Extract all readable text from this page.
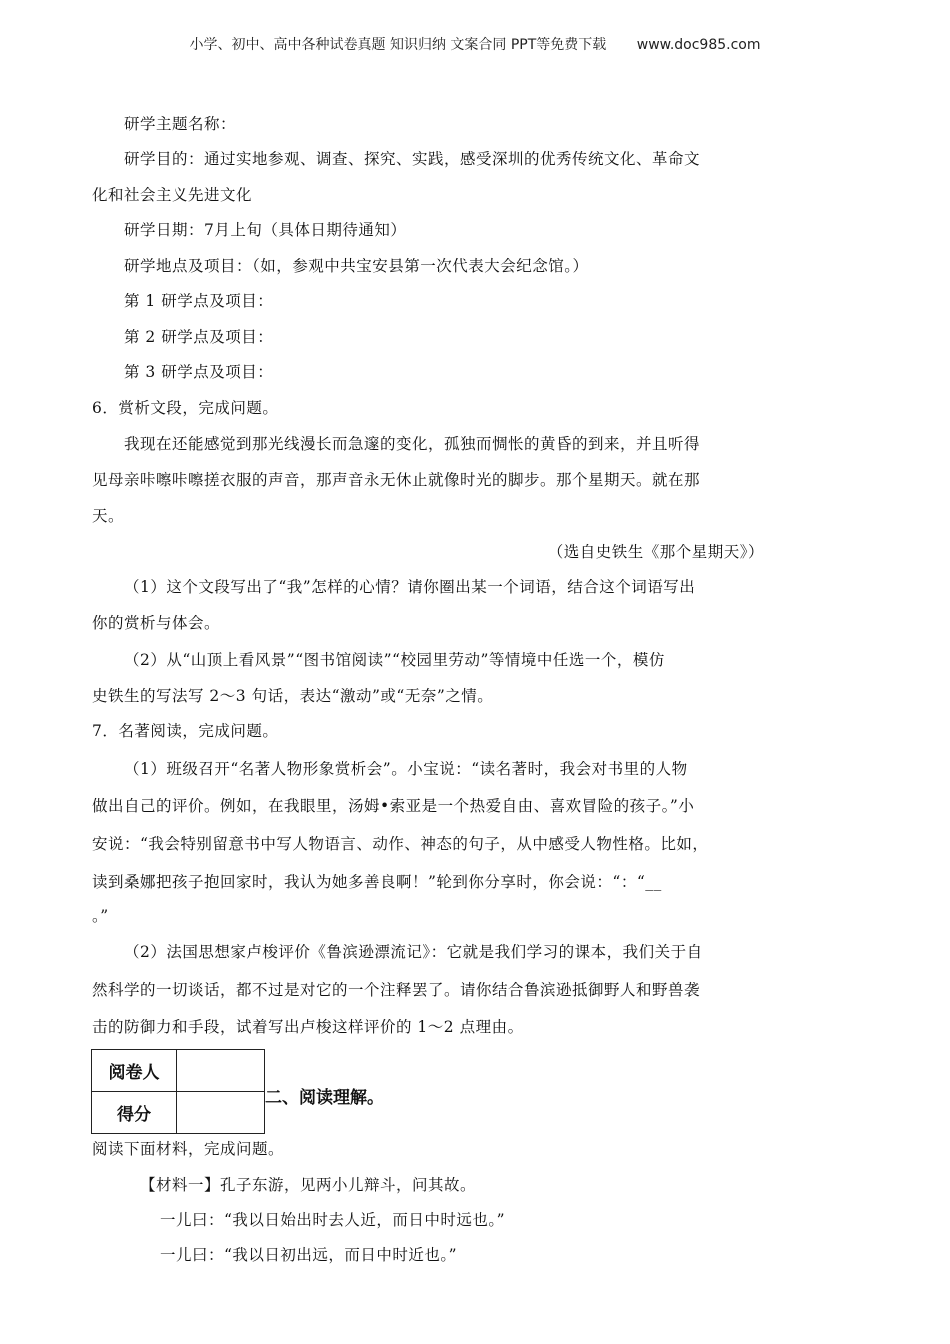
小学、初中、高中各种试卷真题 知识归纳 文案合同 PPT等免费下载 www.doc985.com
研学主题名称：
研学目的：通过实地参观、调查、探究、实践，感受深圳的优秀传统文化、革命文
化和社会主义先进文化
研学日期：7月上旬（具体日期待通知）
研学地点及项目：（如，参观中共宝安县第一次代表大会纪念馆。）
第 1 研学点及项目：
第 2 研学点及项目：
第 3 研学点及项目：
6．赏析文段，完成问题。
我现在还能感觉到那光线漫长而急邃的变化，孤独而惆怅的黄昏的到来，并且听得
见母亲咔嚓咔嚓搓衣服的声音，那声音永无休止就像时光的脚步。那个星期天。就在那
天。
（选自史铁生《那个星期天》）
（1）这个文段写出了“我”怎样的心情？请你圈出某一个词语，结合这个词语写出
你的赏析与体会。
（2）从“山顶上看风景”“图书馆阅读”“校园里劳动”等情境中任选一个，模仿
史铁生的写法写 2～3 句话，表达“激动”或“无奈”之情。
7．名著阅读，完成问题。
（1）班级召开“名著人物形象赏析会”。小宝说：“读名著时，我会对书里的人物
做出自己的评价。例如，在我眼里，汤姆•索亚是一个热爱自由、喜欢冒险的孩子。”小
安说：“我会特别留意书中写人物语言、动作、神态的句子，从中感受人物性格。比如，
读到桑娜把孩子抱回家时，我认为她多善良啊！”轮到你分享时，你会说：“：“__
。”
（2）法国思想家卢梭评价《鲁滨逊漂流记》：它就是我们学习的课本，我们关于自
然科学的一切谈话，都不过是对它的一个注释罢了。请你结合鲁滨逊抵御野人和野兽袭
击的防御力和手段，试着写出卢梭这样评价的 1～2 点理由。
阅卷人	
得分	
二、阅读理解。
阅读下面材料，完成问题。
【材料一】孔子东游，见两小儿辩斗，问其故。
一儿曰：“我以日始出时去人近，而日中时远也。”
一儿曰：“我以日初出远，而日中时近也。”
